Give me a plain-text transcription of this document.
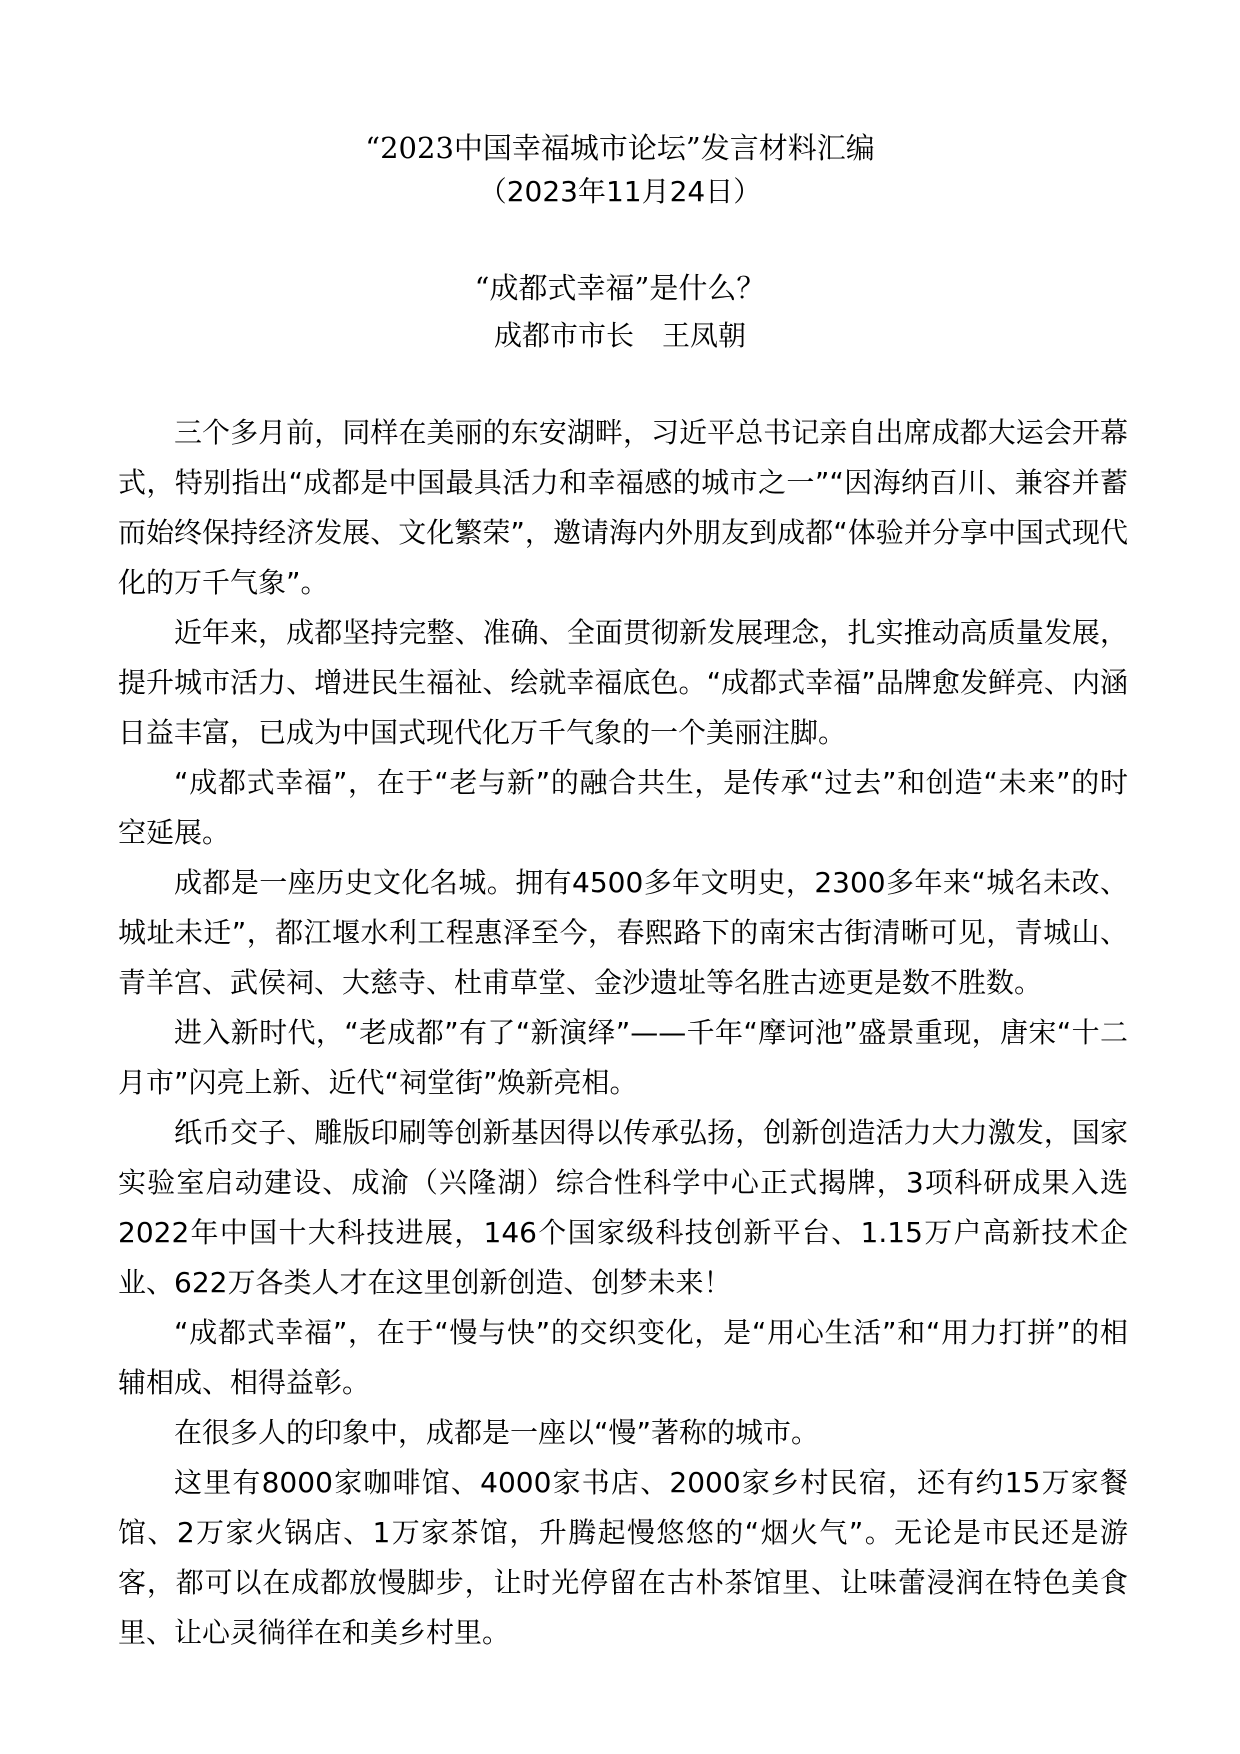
“2023中国幸福城市论坛”发言材料汇编
（2023年11月24日）
“成都式幸福”是什么？
成都市市长　王凤朝

三个多月前，同样在美丽的东安湖畔，习近平总书记亲自出席成都大运会开幕式，特别指出“成都是中国最具活力和幸福感的城市之一”“因海纳百川、兼容并蓄而始终保持经济发展、文化繁荣”，邀请海内外朋友到成都“体验并分享中国式现代化的万千气象”。

近年来，成都坚持完整、准确、全面贯彻新发展理念，扎实推动高质量发展，提升城市活力、增进民生福祉、绘就幸福底色。“成都式幸福”品牌愈发鲜亮、内涵日益丰富，已成为中国式现代化万千气象的一个美丽注脚。

“成都式幸福”，在于“老与新”的融合共生，是传承“过去”和创造“未来”的时空延展。

成都是一座历史文化名城。拥有4500多年文明史，2300多年来“城名未改、城址未迁”，都江堰水利工程惠泽至今，春熙路下的南宋古街清晰可见，青城山、青羊宫、武侯祠、大慈寺、杜甫草堂、金沙遗址等名胜古迹更是数不胜数。

进入新时代，“老成都”有了“新演绎”——千年“摩诃池”盛景重现，唐宋“十二月市”闪亮上新、近代“祠堂街”焕新亮相。

纸币交子、雕版印刷等创新基因得以传承弘扬，创新创造活力大力激发，国家实验室启动建设、成渝（兴隆湖）综合性科学中心正式揭牌，3项科研成果入选2022年中国十大科技进展，146个国家级科技创新平台、1.15万户高新技术企业、622万各类人才在这里创新创造、创梦未来！

“成都式幸福”，在于“慢与快”的交织变化，是“用心生活”和“用力打拼”的相辅相成、相得益彰。

在很多人的印象中，成都是一座以“慢”著称的城市。

这里有8000家咖啡馆、4000家书店、2000家乡村民宿，还有约15万家餐馆、2万家火锅店、1万家茶馆，升腾起慢悠悠的“烟火气”。无论是市民还是游客，都可以在成都放慢脚步，让时光停留在古朴茶馆里、让味蕾浸润在特色美食里、让心灵徜徉在和美乡村里。
